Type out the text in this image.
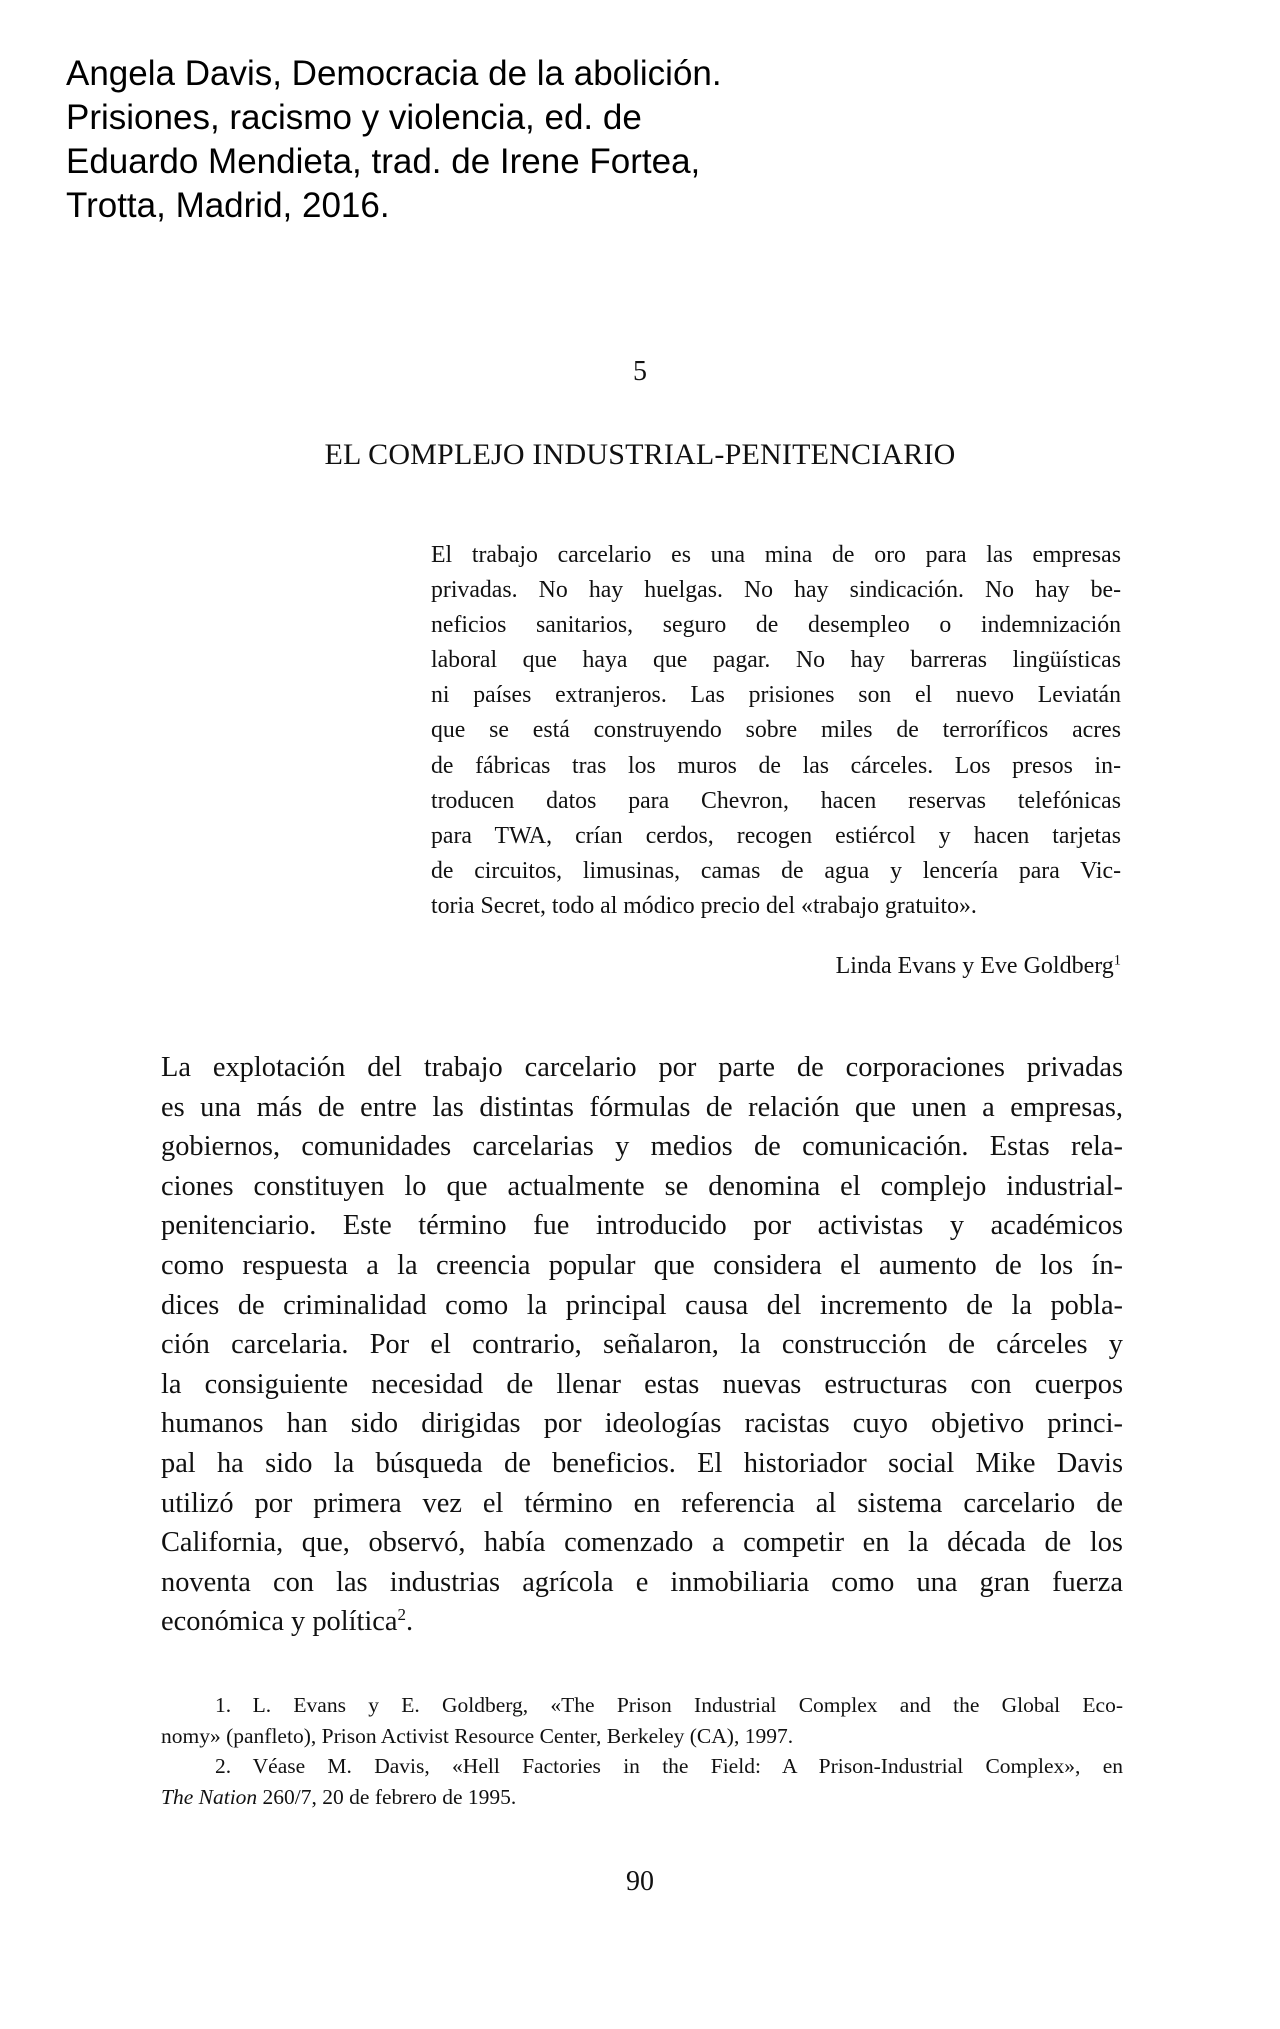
Angela Davis, Democracia de la abolición.
Prisiones, racismo y violencia, ed. de
Eduardo Mendieta, trad. de Irene Fortea,
Trotta, Madrid, 2016.
5
EL COMPLEJO INDUSTRIAL-PENITENCIARIO
El trabajo carcelario es una mina de oro para las empresas
privadas. No hay huelgas. No hay sindicación. No hay be-
neficios sanitarios, seguro de desempleo o indemnización
laboral que haya que pagar. No hay barreras lingüísticas
ni países extranjeros. Las prisiones son el nuevo Leviatán
que se está construyendo sobre miles de terroríficos acres
de fábricas tras los muros de las cárceles. Los presos in-
troducen datos para Chevron, hacen reservas telefónicas
para TWA, crían cerdos, recogen estiércol y hacen tarjetas
de circuitos, limusinas, camas de agua y lencería para Vic-
toria Secret, todo al módico precio del «trabajo gratuito».
Linda Evans y Eve Goldberg$^1$
La explotación del trabajo carcelario por parte de corporaciones privadas
es una más de entre las distintas fórmulas de relación que unen a empresas,
gobiernos, comunidades carcelarias y medios de comunicación. Estas rela-
ciones constituyen lo que actualmente se denomina el complejo industrial-
penitenciario. Este término fue introducido por activistas y académicos
como respuesta a la creencia popular que considera el aumento de los ín-
dices de criminalidad como la principal causa del incremento de la pobla-
ción carcelaria. Por el contrario, señalaron, la construcción de cárceles y
la consiguiente necesidad de llenar estas nuevas estructuras con cuerpos
humanos han sido dirigidas por ideologías racistas cuyo objetivo princi-
pal ha sido la búsqueda de beneficios. El historiador social Mike Davis
utilizó por primera vez el término en referencia al sistema carcelario de
California, que, observó, había comenzado a competir en la década de los
noventa con las industrias agrícola e inmobiliaria como una gran fuerza
económica y política$^2$.
1. L. Evans y E. Goldberg, «The Prison Industrial Complex and the Global Eco-
nomy» (panfleto), Prison Activist Resource Center, Berkeley (CA), 1997.
2. Véase M. Davis, «Hell Factories in the Field: A Prison-Industrial Complex», en
The Nation 260/7, 20 de febrero de 1995.
90
